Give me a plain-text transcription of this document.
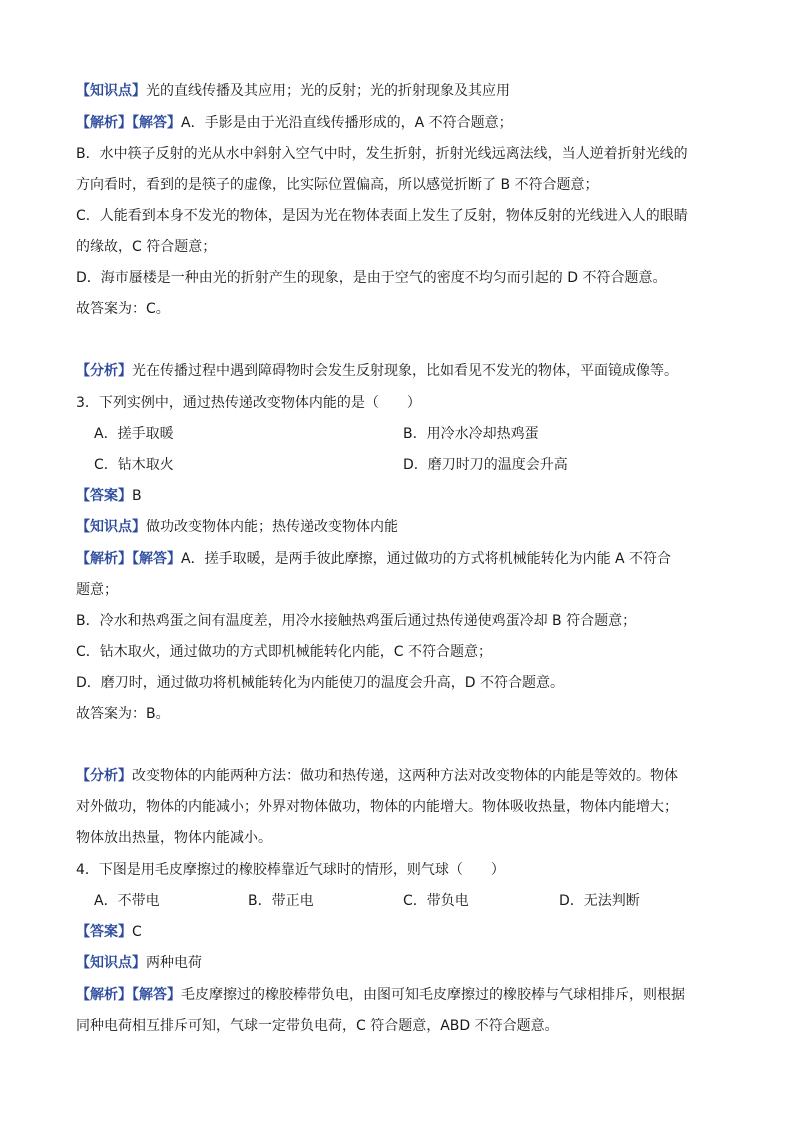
【知识点】光的直线传播及其应用；光的反射；光的折射现象及其应用
【解析】【解答】A．手影是由于光沿直线传播形成的，A 不符合题意；
B．水中筷子反射的光从水中斜射入空气中时，发生折射，折射光线远离法线，当人逆着折射光线的
方向看时，看到的是筷子的虚像，比实际位置偏高，所以感觉折断了 B 不符合题意；
C．人能看到本身不发光的物体，是因为光在物体表面上发生了反射，物体反射的光线进入人的眼睛
的缘故，C 符合题意；
D．海市蜃楼是一种由光的折射产生的现象，是由于空气的密度不均匀而引起的 D 不符合题意。
故答案为：C。
【分析】光在传播过程中遇到障碍物时会发生反射现象，比如看见不发光的物体，平面镜成像等。
3．下列实例中，通过热传递改变物体内能的是（　　）
A．搓手取暖	B．用冷水冷却热鸡蛋
C．钻木取火	D．磨刀时刀的温度会升高
【答案】B
【知识点】做功改变物体内能；热传递改变物体内能
【解析】【解答】A．搓手取暖，是两手彼此摩擦，通过做功的方式将机械能转化为内能 A 不符合
题意；
B．冷水和热鸡蛋之间有温度差，用冷水接触热鸡蛋后通过热传递使鸡蛋冷却 B 符合题意；
C．钻木取火，通过做功的方式即机械能转化内能，C 不符合题意；
D．磨刀时，通过做功将机械能转化为内能使刀的温度会升高，D 不符合题意。
故答案为：B。
【分析】改变物体的内能两种方法：做功和热传递，这两种方法对改变物体的内能是等效的。物体
对外做功，物体的内能减小；外界对物体做功，物体的内能增大。物体吸收热量，物体内能增大；
物体放出热量，物体内能减小。
4．下图是用毛皮摩擦过的橡胶棒靠近气球时的情形，则气球（　　）
A．不带电	B．带正电	C．带负电	D．无法判断
【答案】C
【知识点】两种电荷
【解析】【解答】毛皮摩擦过的橡胶棒带负电，由图可知毛皮摩擦过的橡胶棒与气球相排斥，则根据
同种电荷相互排斥可知，气球一定带负电荷，C 符合题意，ABD 不符合题意。
